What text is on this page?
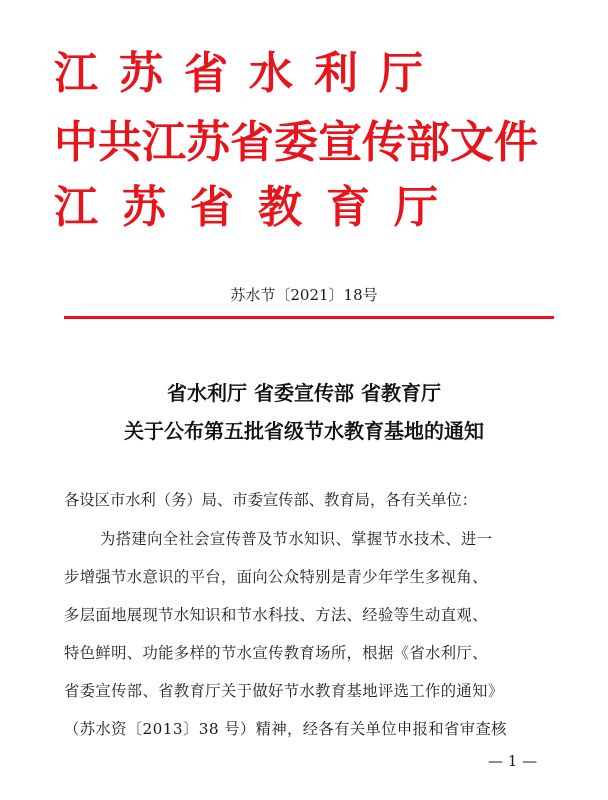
江苏省水利厅
中共江苏省委宣传部文件
江苏省教育厅
苏水节〔2021〕18号
省水利厅 省委宣传部 省教育厅
关于公布第五批省级节水教育基地的通知
各设区市水利（务）局、市委宣传部、教育局，各有关单位：
为搭建向全社会宣传普及节水知识、掌握节水技术、进一
步增强节水意识的平台，面向公众特别是青少年学生多视角、
多层面地展现节水知识和节水科技、方法、经验等生动直观、
特色鲜明、功能多样的节水宣传教育场所，根据《省水利厅、
省委宣传部、省教育厅关于做好节水教育基地评选工作的通知》
（苏水资〔2013〕38 号）精神，经各有关单位申报和省审查核
— 1 —
